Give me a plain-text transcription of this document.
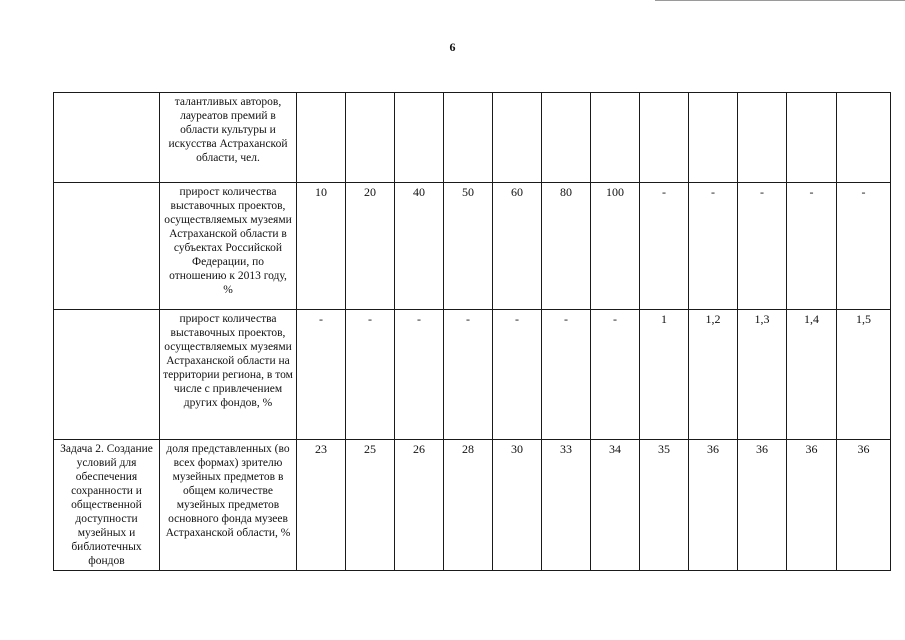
6
	талантливых авторов, лауреатов премий в области культуры и искусства Астраханской области, чел.												
	прирост количества выставочных проектов, осуществляемых музеями Астраханской области в субъектах Российской Федерации, по отношению к 2013 году, %	10	20	40	50	60	80	100	-	-	-	-	-
	прирост количества выставочных проектов, осуществляемых музеями Астраханской области на территории региона, в том числе с привлечением других фондов, %	-	-	-	-	-	-	-	1	1,2	1,3	1,4	1,5
Задача 2. Создание условий для обеспечения сохранности и общественной доступности музейных и библиотечных фондов	доля представленных (во всех формах) зрителю музейных предметов в общем количестве музейных предметов основного фонда музеев Астраханской области, %	23	25	26	28	30	33	34	35	36	36	36	36
